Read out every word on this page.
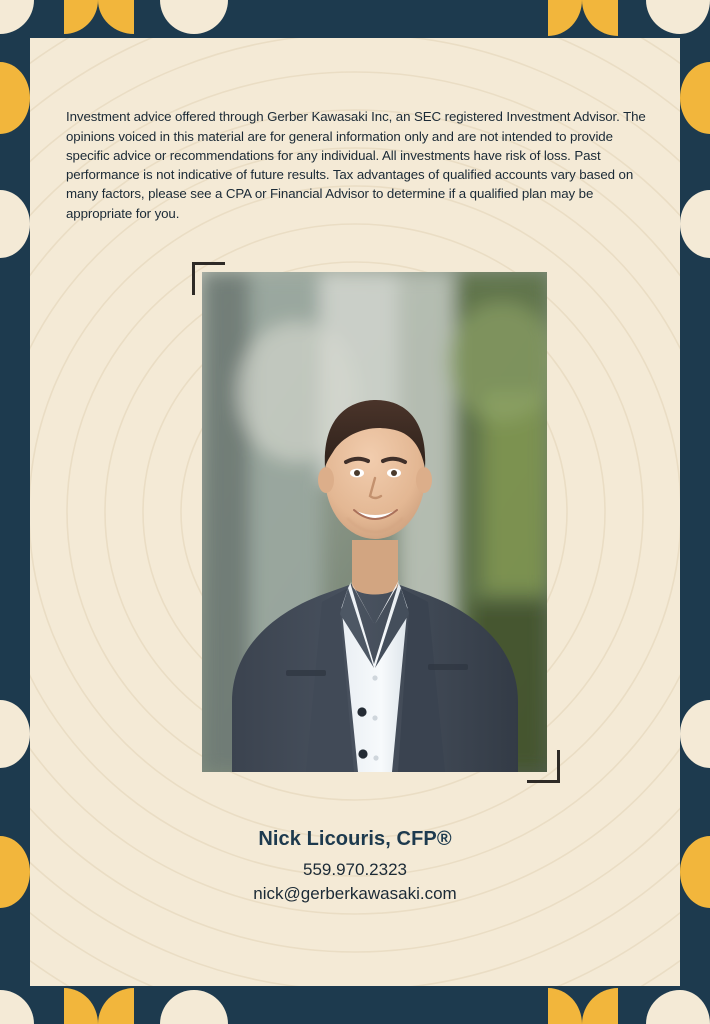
Investment advice offered through Gerber Kawasaki Inc, an SEC registered Investment Advisor. The opinions voiced in this material are for general information only and are not intended to provide specific advice or recommendations for any individual. All investments have risk of loss. Past performance is not indicative of future results. Tax advantages of qualified accounts vary based on many factors, please see a CPA or Financial Advisor to determine if a qualified plan may be appropriate for you.

Nick Licouris, CFP®
559.970.2323
nick@gerberkawasaki.com
